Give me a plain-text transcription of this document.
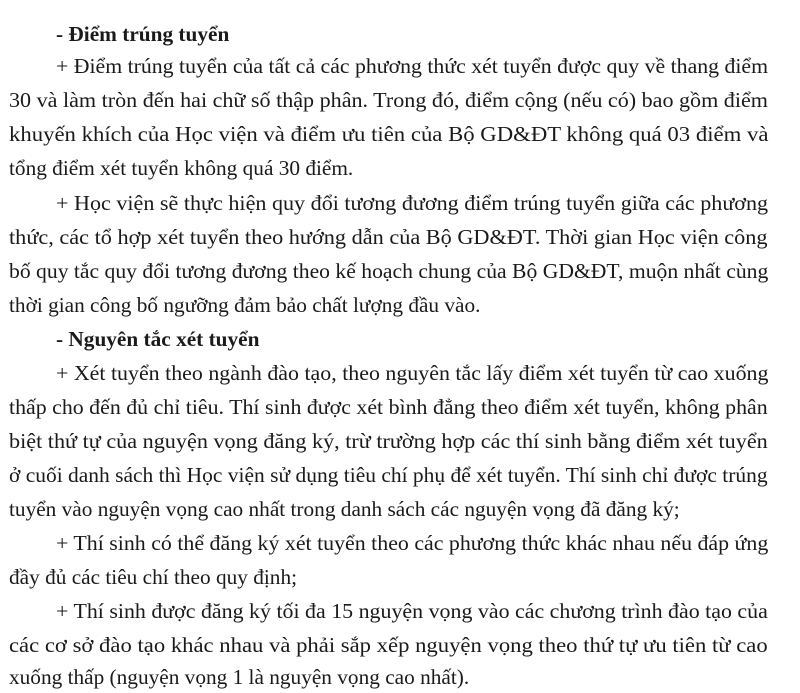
- Điểm trúng tuyển
+ Điểm trúng tuyển của tất cả các phương thức xét tuyển được quy về thang điểm
30 và làm tròn đến hai chữ số thập phân. Trong đó, điểm cộng (nếu có) bao gồm điểm
khuyến khích của Học viện và điểm ưu tiên của Bộ GD&ĐT không quá 03 điểm và
tổng điểm xét tuyển không quá 30 điểm.
+ Học viện sẽ thực hiện quy đổi tương đương điểm trúng tuyển giữa các phương
thức, các tổ hợp xét tuyển theo hướng dẫn của Bộ GD&ĐT. Thời gian Học viện công
bố quy tắc quy đổi tương đương theo kế hoạch chung của Bộ GD&ĐT, muộn nhất cùng
thời gian công bố ngưỡng đảm bảo chất lượng đầu vào.
- Nguyên tắc xét tuyển
+ Xét tuyển theo ngành đào tạo, theo nguyên tắc lấy điểm xét tuyển từ cao xuống
thấp cho đến đủ chỉ tiêu. Thí sinh được xét bình đẳng theo điểm xét tuyển, không phân
biệt thứ tự của nguyện vọng đăng ký, trừ trường hợp các thí sinh bằng điểm xét tuyển
ở cuối danh sách thì Học viện sử dụng tiêu chí phụ để xét tuyển. Thí sinh chỉ được trúng
tuyển vào nguyện vọng cao nhất trong danh sách các nguyện vọng đã đăng ký;
+ Thí sinh có thể đăng ký xét tuyển theo các phương thức khác nhau nếu đáp ứng
đầy đủ các tiêu chí theo quy định;
+ Thí sinh được đăng ký tối đa 15 nguyện vọng vào các chương trình đào tạo của
các cơ sở đào tạo khác nhau và phải sắp xếp nguyện vọng theo thứ tự ưu tiên từ cao
xuống thấp (nguyện vọng 1 là nguyện vọng cao nhất).
